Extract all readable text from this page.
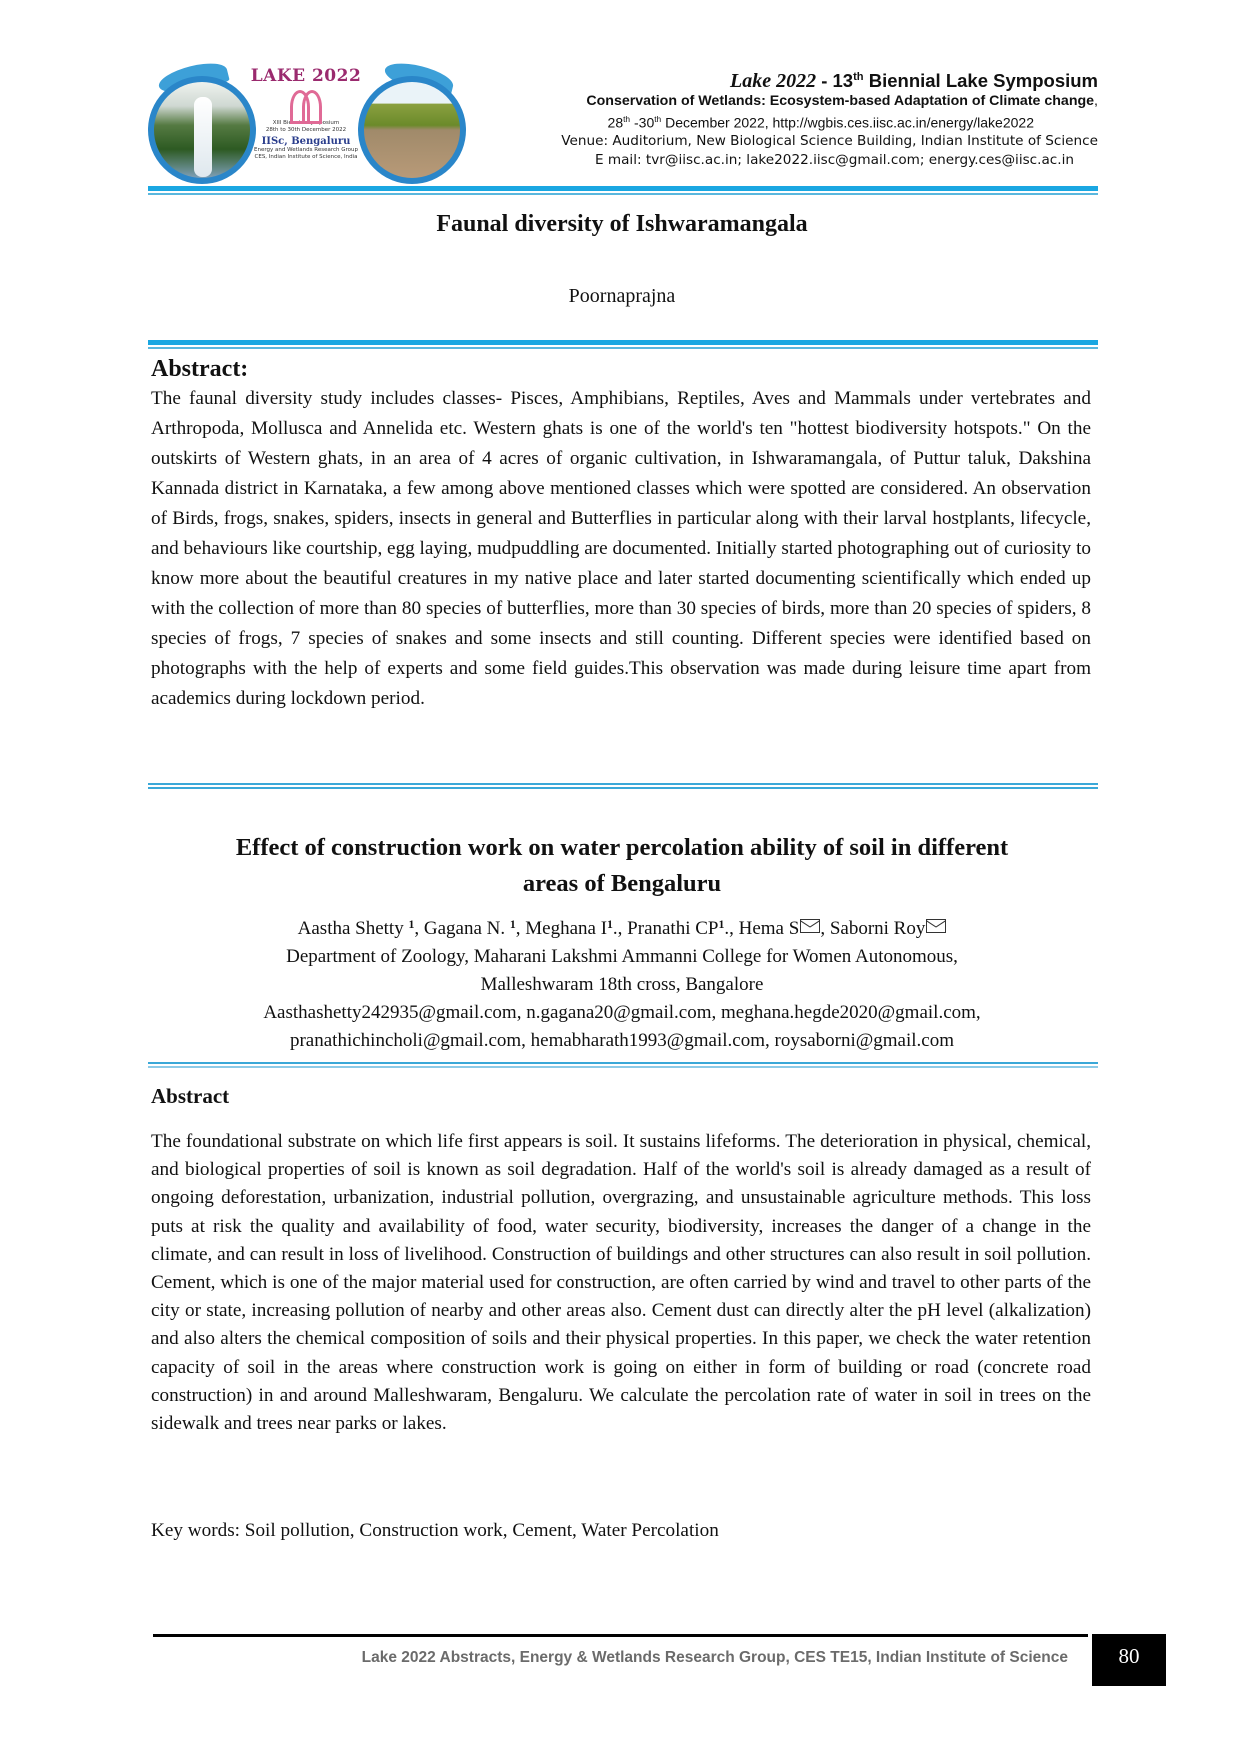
LAKE 2022
XIII Biennial Symposium
28th to 30th December 2022
IISc, Bengaluru
Energy and Wetlands Research Group
CES, Indian Institute of Science, India
Lake 2022 - 13th Biennial Lake Symposium
Conservation of Wetlands: Ecosystem-based Adaptation of Climate change,
28th -30th December 2022, http://wgbis.ces.iisc.ac.in/energy/lake2022
Venue: Auditorium, New Biological Science Building, Indian Institute of Science
E mail: tvr@iisc.ac.in; lake2022.iisc@gmail.com; energy.ces@iisc.ac.in
Faunal diversity of Ishwaramangala
Poornaprajna
Abstract:
The faunal diversity study includes classes- Pisces, Amphibians, Reptiles, Aves and Mammals under vertebrates and Arthropoda, Mollusca and Annelida etc. Western ghats is one of the world's ten "hottest biodiversity hotspots." On the outskirts of Western ghats, in an area of 4 acres of organic cultivation, in Ishwaramangala, of Puttur taluk, Dakshina Kannada district in Karnataka, a few among above mentioned classes which were spotted are considered. An observation of Birds, frogs, snakes, spiders, insects in general and Butterflies in particular along with their larval hostplants, lifecycle, and behaviours like courtship, egg laying, mudpuddling are documented. Initially started photographing out of curiosity to know more about the beautiful creatures in my native place and later started documenting scientifically which ended up with the collection of more than 80 species of butterflies, more than 30 species of birds, more than 20 species of spiders, 8 species of frogs, 7 species of snakes and some insects and still counting. Different species were identified based on photographs with the help of experts and some field guides.This observation was made during leisure time apart from academics during lockdown period.
Effect of construction work on water percolation ability of soil in different
areas of Bengaluru
Aastha Shetty $^1$, Gagana N. $^1$, Meghana $I^1$., Pranathi $CP^1$., Hema S , Saborni Roy
Department of Zoology, Maharani Lakshmi Ammanni College for Women Autonomous,
Malleshwaram 18th cross, Bangalore
Aasthashetty242935@gmail.com, n.gagana20@gmail.com, meghana.hegde2020@gmail.com,
pranathichincholi@gmail.com, hemabharath1993@gmail.com, roysaborni@gmail.com
Abstract
The foundational substrate on which life first appears is soil. It sustains lifeforms. The deterioration in physical, chemical, and biological properties of soil is known as soil degradation. Half of the world's soil is already damaged as a result of ongoing deforestation, urbanization, industrial pollution, overgrazing, and unsustainable agriculture methods. This loss puts at risk the quality and availability of food, water security, biodiversity, increases the danger of a change in the climate, and can result in loss of livelihood. Construction of buildings and other structures can also result in soil pollution. Cement, which is one of the major material used for construction, are often carried by wind and travel to other parts of the city or state, increasing pollution of nearby and other areas also. Cement dust can directly alter the pH level (alkalization) and also alters the chemical composition of soils and their physical properties. In this paper, we check the water retention capacity of soil in the areas where construction work is going on either in form of building or road (concrete road construction) in and around Malleshwaram, Bengaluru. We calculate the percolation rate of water in soil in trees on the sidewalk and trees near parks or lakes.
Key words: Soil pollution, Construction work, Cement, Water Percolation
Lake 2022 Abstracts, Energy & Wetlands Research Group, CES TE15, Indian Institute of Science	80
